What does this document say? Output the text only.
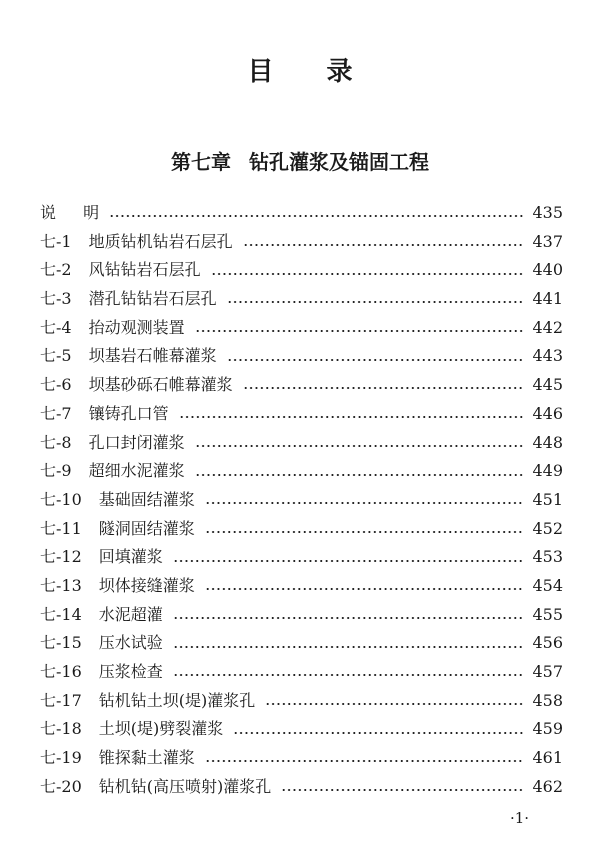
目 录
第七章 钻孔灌浆及锚固工程
说 明	435
七-1 地质钻机钻岩石层孔	437
七-2 风钻钻岩石层孔	440
七-3 潜孔钻钻岩石层孔	441
七-4 抬动观测装置	442
七-5 坝基岩石帷幕灌浆	443
七-6 坝基砂砾石帷幕灌浆	445
七-7 镶铸孔口管	446
七-8 孔口封闭灌浆	448
七-9 超细水泥灌浆	449
七-10 基础固结灌浆	451
七-11 隧洞固结灌浆	452
七-12 回填灌浆	453
七-13 坝体接缝灌浆	454
七-14 水泥超灌	455
七-15 压水试验	456
七-16 压浆检查	457
七-17 钻机钻土坝(堤)灌浆孔	458
七-18 土坝(堤)劈裂灌浆	459
七-19 锥探黏土灌浆	461
七-20 钻机钻(高压喷射)灌浆孔	462
·1·
